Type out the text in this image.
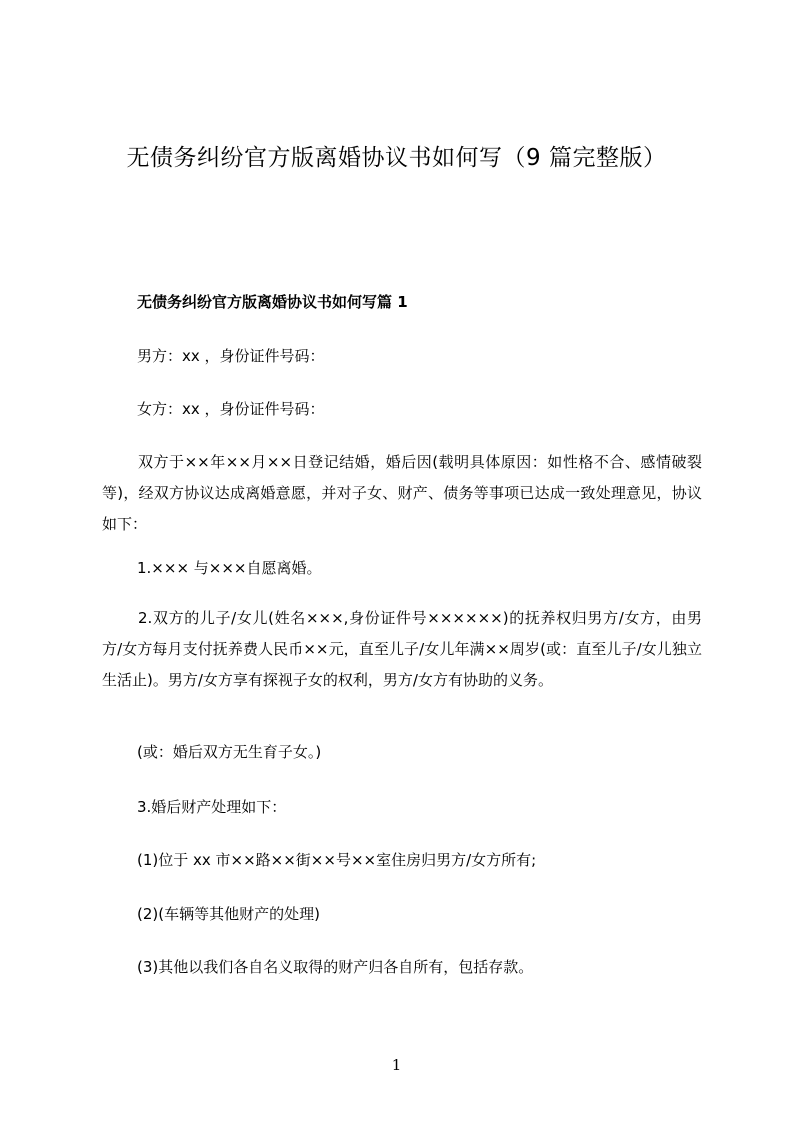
无债务纠纷官方版离婚协议书如何写（9 篇完整版）
无债务纠纷官方版离婚协议书如何写篇 1
男方：xx ，身份证件号码：
女方：xx ，身份证件号码：
双方于××年××月××日登记结婚，婚后因(载明具体原因：如性格不合、感情破裂等)，经双方协议达成离婚意愿，并对子女、财产、债务等事项已达成一致处理意见，协议如下：
1.××× 与×××自愿离婚。
2.双方的儿子/女儿(姓名×××,身份证件号××××××)的抚养权归男方/女方，由男方/女方每月支付抚养费人民币××元，直至儿子/女儿年满××周岁(或：直至儿子/女儿独立生活止)。男方/女方享有探视子女的权利，男方/女方有协助的义务。
(或：婚后双方无生育子女。)
3.婚后财产处理如下：
(1)位于 xx 市××路××街××号××室住房归男方/女方所有;
(2)(车辆等其他财产的处理)
(3)其他以我们各自名义取得的财产归各自所有，包括存款。
1
